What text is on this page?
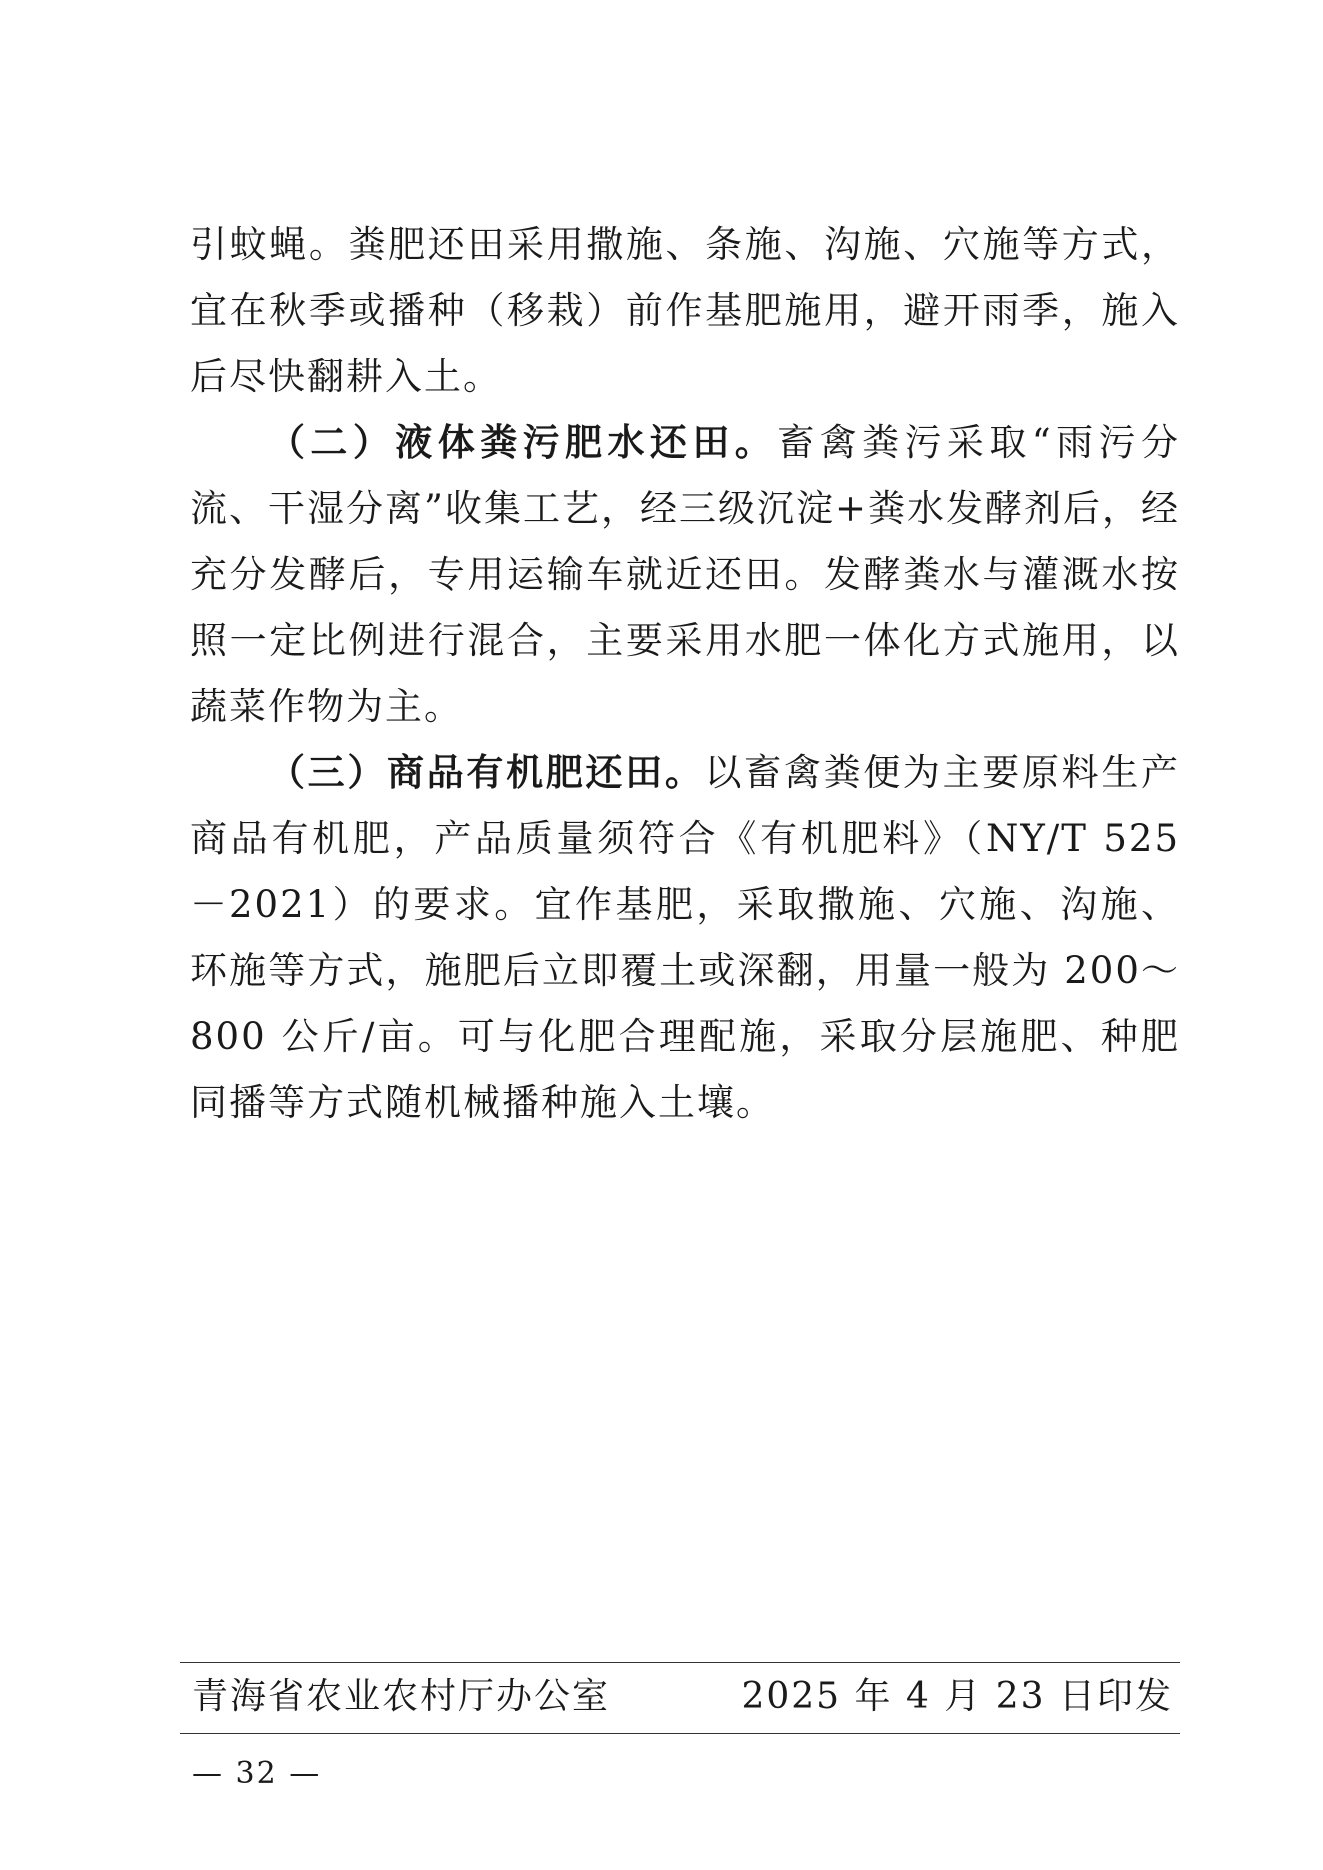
引蚊蝇。粪肥还田采用撒施、条施、沟施、穴施等方式，宜在秋季或播种（移栽）前作基肥施用，避开雨季，施入后尽快翻耕入土。

（二）液体粪污肥水还田。畜禽粪污采取“雨污分流、干湿分离”收集工艺，经三级沉淀+粪水发酵剂后，经充分发酵后，专用运输车就近还田。发酵粪水与灌溉水按照一定比例进行混合，主要采用水肥一体化方式施用，以蔬菜作物为主。

（三）商品有机肥还田。以畜禽粪便为主要原料生产商品有机肥，产品质量须符合《有机肥料》（NY/T 525－2021）的要求。宜作基肥，采取撒施、穴施、沟施、环施等方式，施肥后立即覆土或深翻，用量一般为 200～800 公斤/亩。可与化肥合理配施，采取分层施肥、种肥同播等方式随机械播种施入土壤。

青海省农业农村厅办公室	2025 年 4 月 23 日印发
— 32 —
